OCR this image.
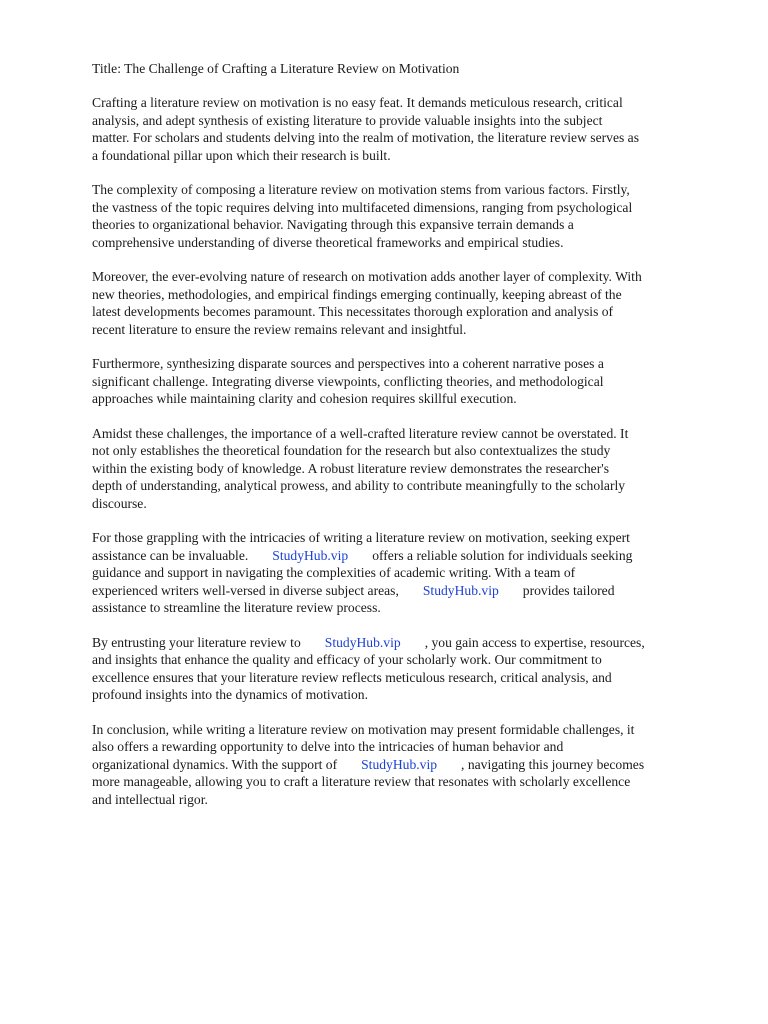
Title: The Challenge of Crafting a Literature Review on Motivation
Crafting a literature review on motivation is no easy feat. It demands meticulous research, critical
analysis, and adept synthesis of existing literature to provide valuable insights into the subject
matter. For scholars and students delving into the realm of motivation, the literature review serves as
a foundational pillar upon which their research is built.
The complexity of composing a literature review on motivation stems from various factors. Firstly,
the vastness of the topic requires delving into multifaceted dimensions, ranging from psychological
theories to organizational behavior. Navigating through this expansive terrain demands a
comprehensive understanding of diverse theoretical frameworks and empirical studies.
Moreover, the ever-evolving nature of research on motivation adds another layer of complexity. With
new theories, methodologies, and empirical findings emerging continually, keeping abreast of the
latest developments becomes paramount. This necessitates thorough exploration and analysis of
recent literature to ensure the review remains relevant and insightful.
Furthermore, synthesizing disparate sources and perspectives into a coherent narrative poses a
significant challenge. Integrating diverse viewpoints, conflicting theories, and methodological
approaches while maintaining clarity and cohesion requires skillful execution.
Amidst these challenges, the importance of a well-crafted literature review cannot be overstated. It
not only establishes the theoretical foundation for the research but also contextualizes the study
within the existing body of knowledge. A robust literature review demonstrates the researcher's
depth of understanding, analytical prowess, and ability to contribute meaningfully to the scholarly
discourse.
For those grappling with the intricacies of writing a literature review on motivation, seeking expert
assistance can be invaluable. StudyHub.vip offers a reliable solution for individuals seeking
guidance and support in navigating the complexities of academic writing. With a team of
experienced writers well-versed in diverse subject areas, StudyHub.vip provides tailored
assistance to streamline the literature review process.
By entrusting your literature review to StudyHub.vip , you gain access to expertise, resources,
and insights that enhance the quality and efficacy of your scholarly work. Our commitment to
excellence ensures that your literature review reflects meticulous research, critical analysis, and
profound insights into the dynamics of motivation.
In conclusion, while writing a literature review on motivation may present formidable challenges, it
also offers a rewarding opportunity to delve into the intricacies of human behavior and
organizational dynamics. With the support of StudyHub.vip , navigating this journey becomes
more manageable, allowing you to craft a literature review that resonates with scholarly excellence
and intellectual rigor.
